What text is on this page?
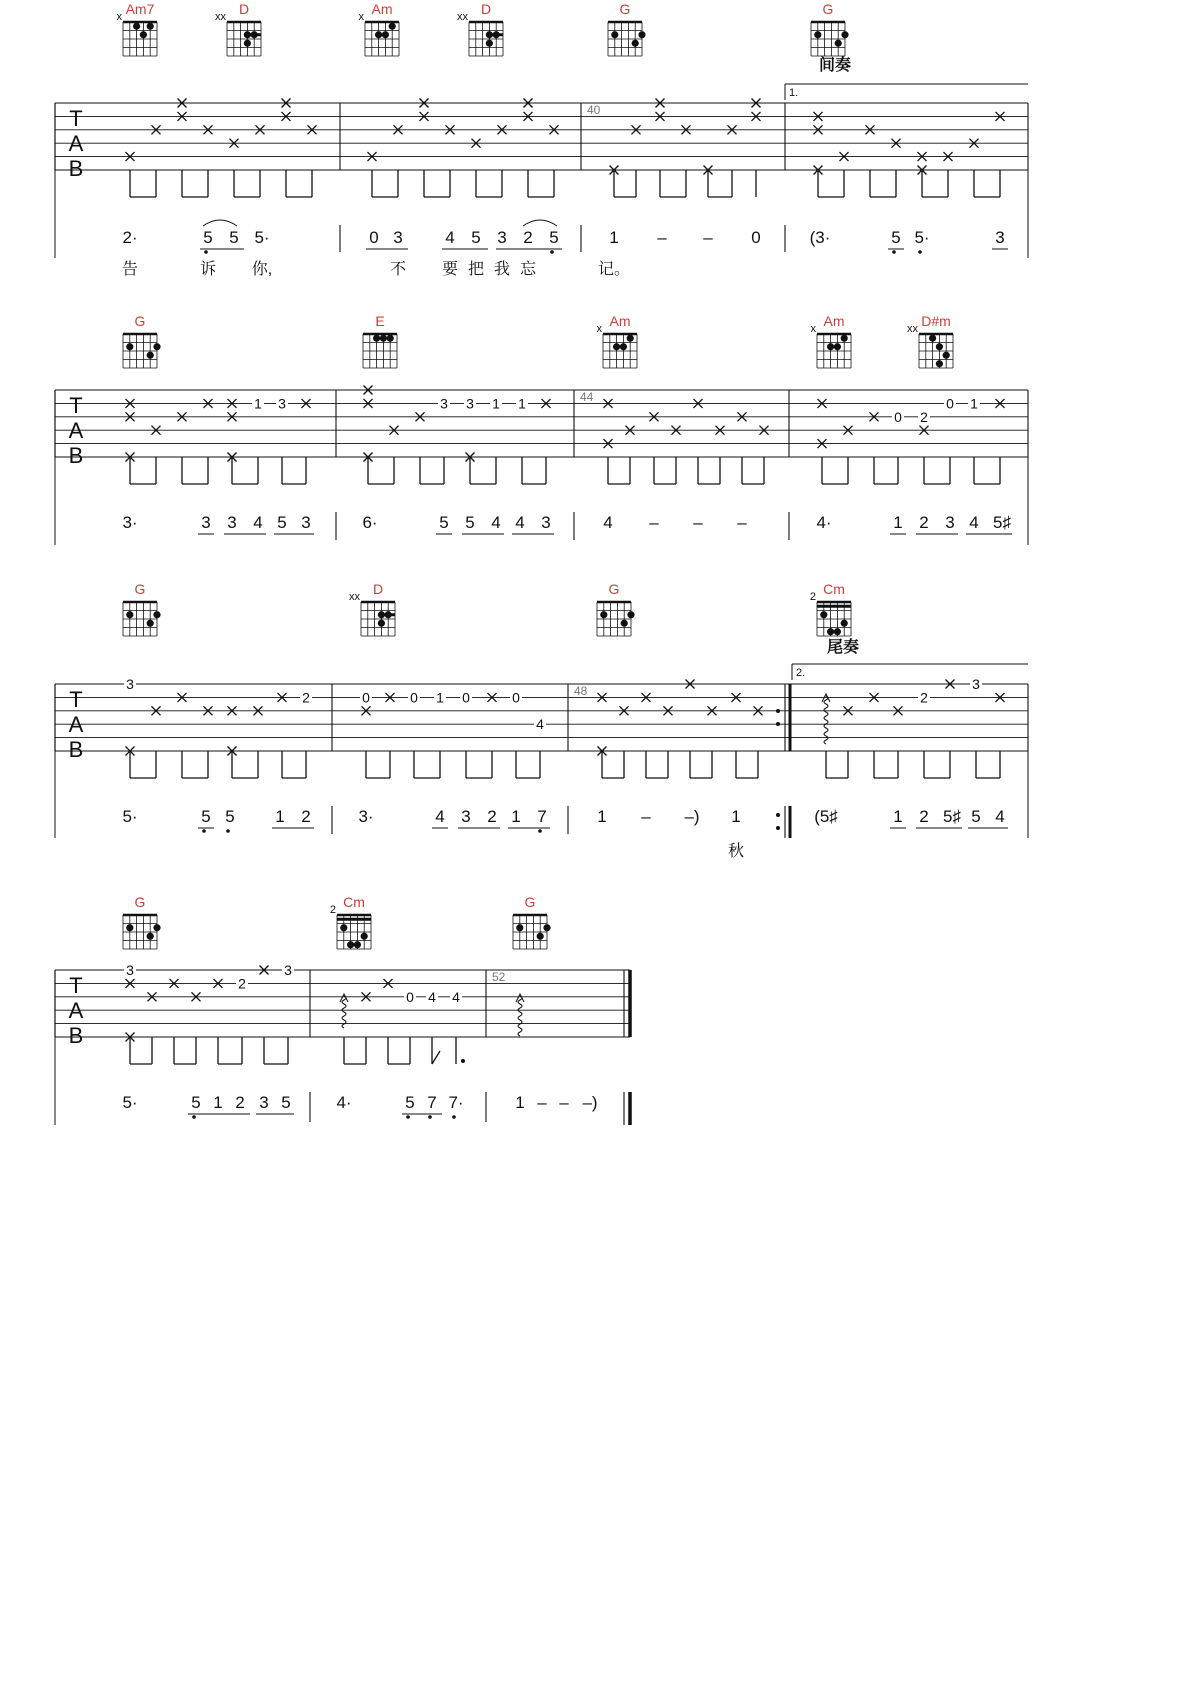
Am7
x	D
xx	Am
x	D
xx	G	G
间奏
1.
40
T
A
B
2·	5 5 5·	0 3	4 5 3 2 5	1 – – 0	(3·	5 5·	3
告	诉 你,	不 要 把 我 忘	记。
G	E	Am
x	Am
x	D#m
xx
44
T
A
B
1 3	3 3 1 1
0 2
0 1
3·	3 3 4 5 3	6·	5 5 4 4 3	4 – – –	4·	1 2 3 4 5♯
G	D
xx	G	Cm
2
尾奏
2.
48
T
A
B
3
2	0	0 1 0	0
4
2
3
5·	5 5 1 2	3·	4 3 2 1 7	1 – –) 1	(5♯	1 2 5♯ 5 4
秋
G	Cm
2	G
52
T
A
B
3
2
3
0 4 4
5·	5 1 2 3 5	4·	5 7 7·	1 – – –)
